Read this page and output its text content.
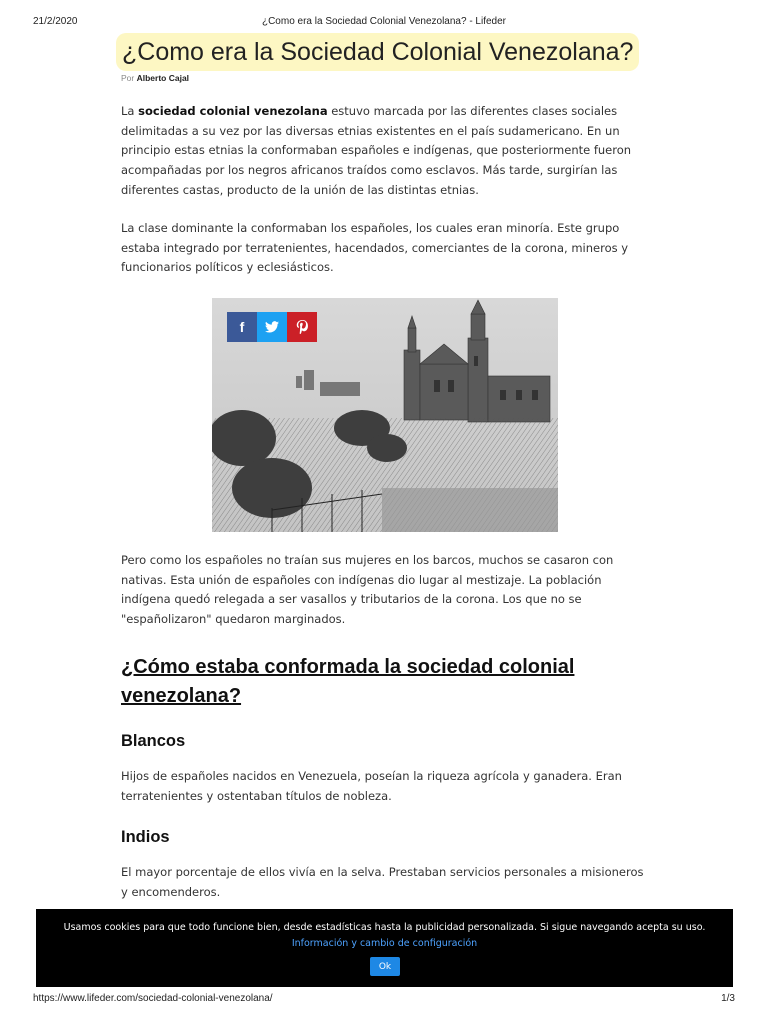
21/2/2020	¿Como era la Sociedad Colonial Venezolana? - Lifeder
¿Como era la Sociedad Colonial Venezolana?
Por Alberto Cajal

La sociedad colonial venezolana estuvo marcada por las diferentes clases sociales delimitadas a su vez por las diversas etnias existentes en el país sudamericano. En un principio estas etnias la conformaban españoles e indígenas, que posteriormente fueron acompañadas por los negros africanos traídos como esclavos. Más tarde, surgirían las diferentes castas, producto de la unión de las distintas etnias.

La clase dominante la conformaban los españoles, los cuales eran minoría. Este grupo estaba integrado por terratenientes, hacendados, comerciantes de la corona, mineros y funcionarios políticos y eclesiásticos.

f

Pero como los españoles no traían sus mujeres en los barcos, muchos se casaron con nativas. Esta unión de españoles con indígenas dio lugar al mestizaje. La población indígena quedó relegada a ser vasallos y tributarios de la corona. Los que no se "españolizaron" quedaron marginados.

¿Cómo estaba conformada la sociedad colonial venezolana?
Blancos

Hijos de españoles nacidos en Venezuela, poseían la riqueza agrícola y ganadera. Eran terratenientes y ostentaban títulos de nobleza.

Indios

El mayor porcentaje de ellos vivía en la selva. Prestaban servicios personales a misioneros y encomenderos.

Usamos cookies para que todo funcione bien, desde estadísticas hasta la publicidad personalizada. Si sigue navegando acepta su uso.
Información y cambio de configuración
Ok
https://www.lifeder.com/sociedad-colonial-venezolana/	1/3
